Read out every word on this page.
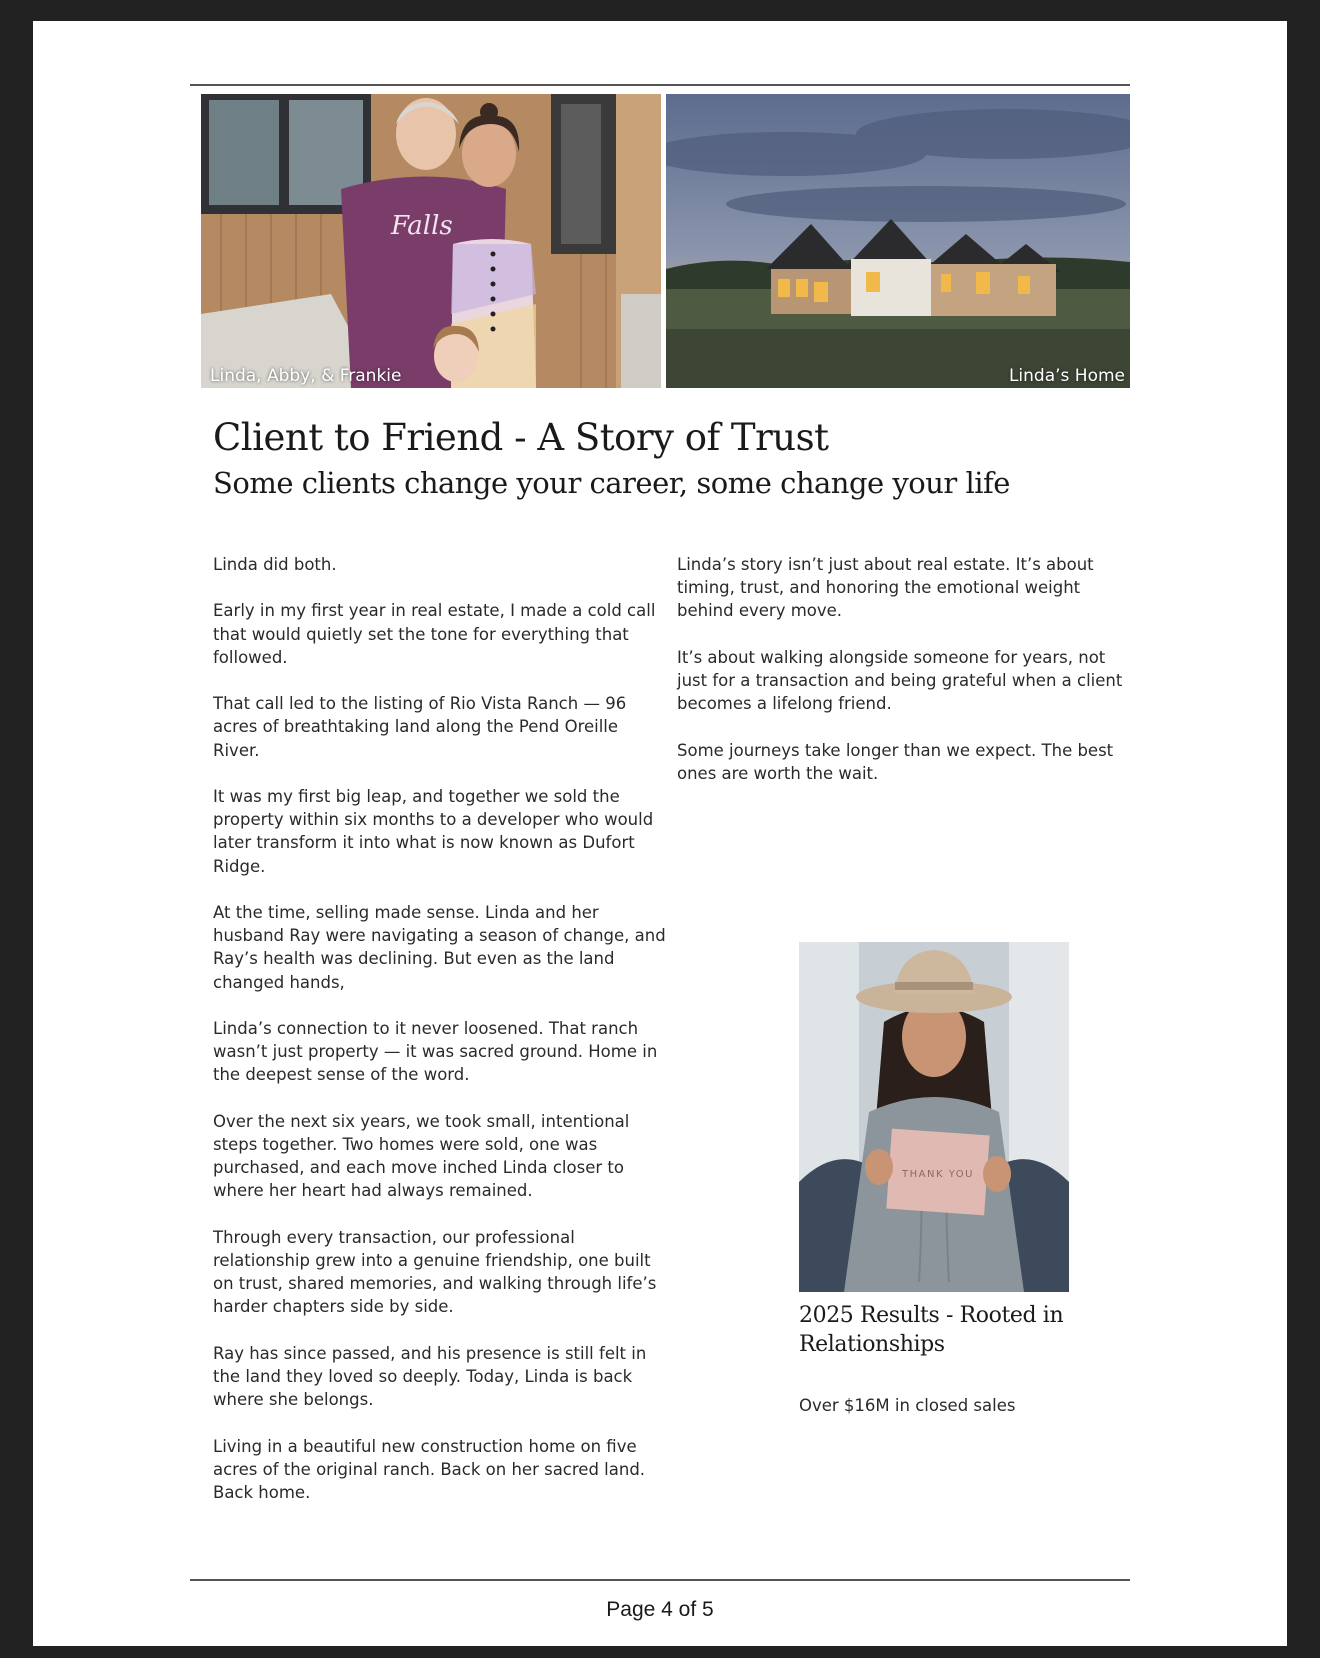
Falls
Linda, Abby, & Frankie	Linda’s Home
Client to Friend - A Story of Trust
Some clients change your career, some change your life

Linda did both.

Early in my first year in real estate, I made a cold call that would quietly set the tone for everything that followed.

That call led to the listing of Rio Vista Ranch — 96 acres of breathtaking land along the Pend Oreille River.

It was my first big leap, and together we sold the property within six months to a developer who would later transform it into what is now known as Dufort Ridge.

At the time, selling made sense. Linda and her husband Ray were navigating a season of change, and Ray’s health was declining. But even as the land changed hands,

Linda’s connection to it never loosened. That ranch wasn’t just property — it was sacred ground. Home in the deepest sense of the word.

Over the next six years, we took small, intentional steps together. Two homes were sold, one was purchased, and each move inched Linda closer to where her heart had always remained.

Through every transaction, our professional relationship grew into a genuine friendship, one built on trust, shared memories, and walking through life’s harder chapters side by side.

Ray has since passed, and his presence is still felt in the land they loved so deeply. Today, Linda is back where she belongs.

Living in a beautiful new construction home on five acres of the original ranch. Back on her sacred land. Back home.

Linda’s story isn’t just about real estate. It’s about timing, trust, and honoring the emotional weight behind every move.

It’s about walking alongside someone for years, not just for a transaction and being grateful when a client becomes a lifelong friend.

Some journeys take longer than we expect. The best ones are worth the wait.

THANK YOU
2025 Results - Rooted in Relationships
Over $16M in closed sales
Page 4 of 5
